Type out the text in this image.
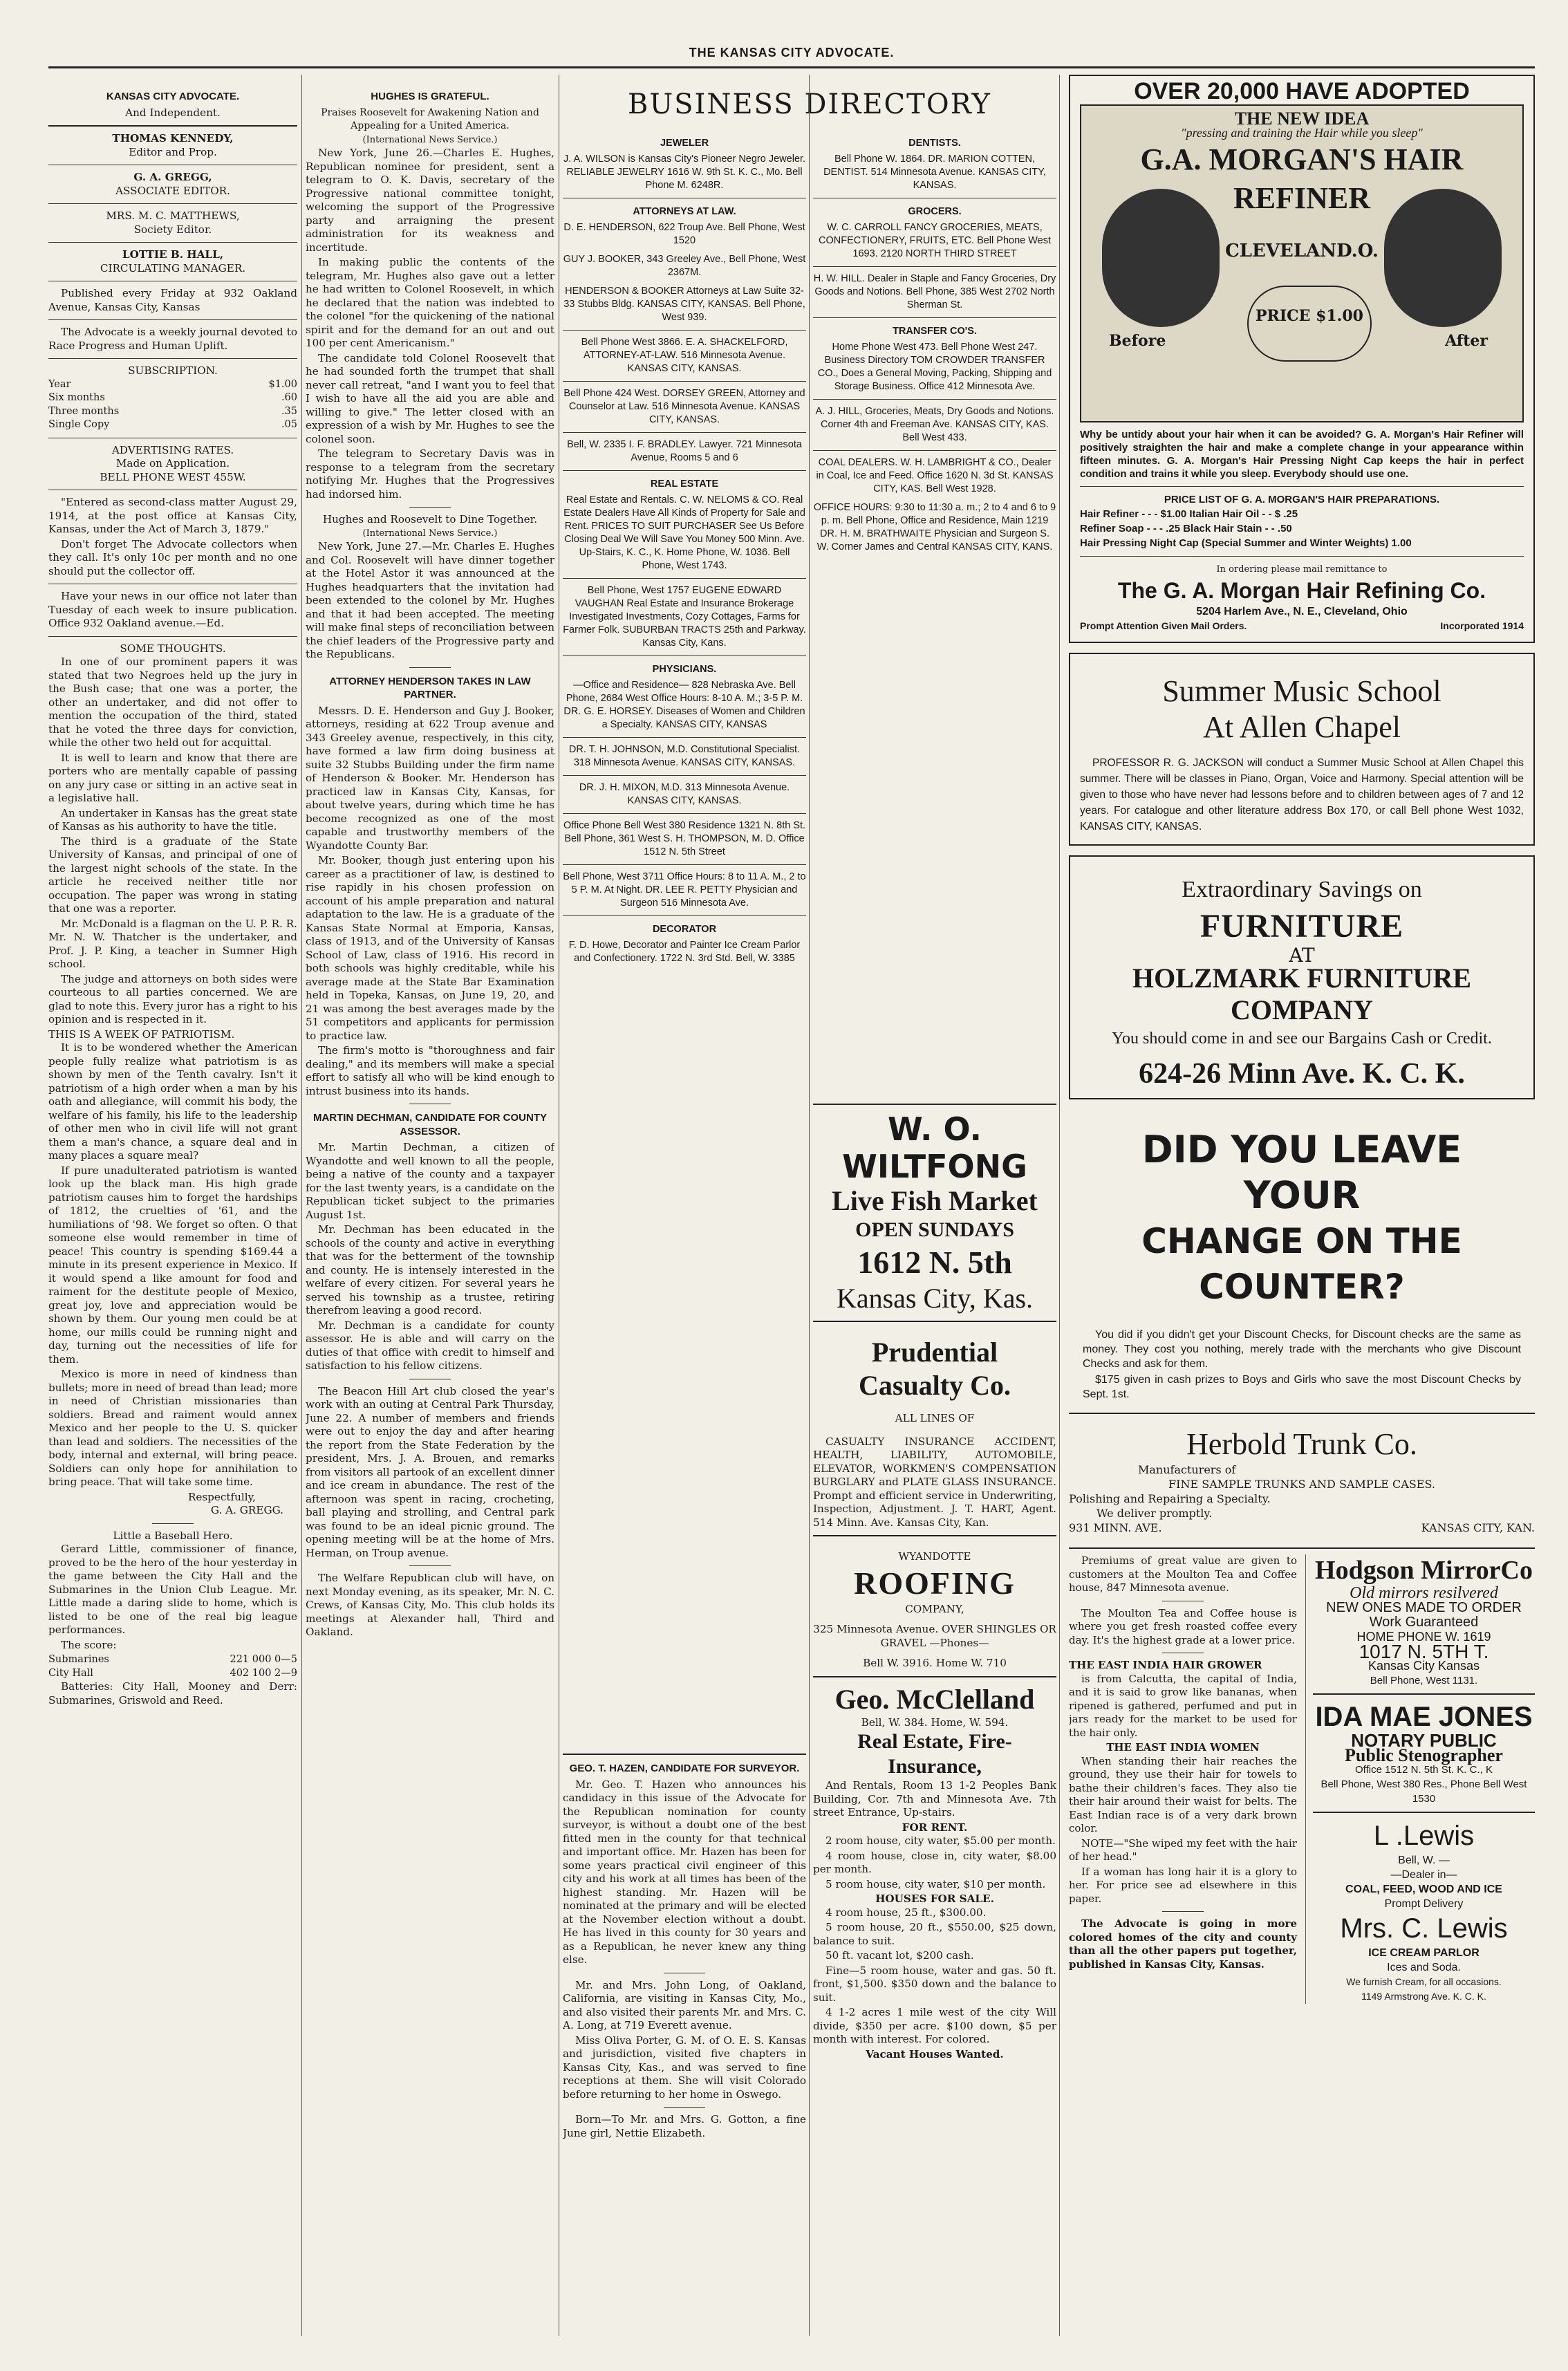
THE KANSAS CITY ADVOCATE.
KANSAS CITY ADVOCATE.
And Independent.
THOMAS KENNEDY,
Editor and Prop.
G. A. GREGG,
ASSOCIATE EDITOR.
MRS. M. C. MATTHEWS,
Society Editor.
LOTTIE B. HALL,
CIRCULATING MANAGER.

Published every Friday at 932 Oakland Avenue, Kansas City, Kansas

The Advocate is a weekly journal devoted to Race Progress and Human Uplift.

SUBSCRIPTION.
Year	$1.00
Six months	.60
Three months	.35
Single Copy	.05
ADVERTISING RATES.
Made on Application.
BELL PHONE WEST 455W.

"Entered as second-class matter August 29, 1914, at the post office at Kansas City, Kansas, under the Act of March 3, 1879."

Don't forget The Advocate collectors when they call. It's only 10c per month and no one should put the collector off.

Have your news in our office not later than Tuesday of each week to insure publication. Office 932 Oakland avenue.—Ed.

SOME THOUGHTS.

In one of our prominent papers it was stated that two Negroes held up the jury in the Bush case; that one was a porter, the other an undertaker, and did not offer to mention the occupation of the third, stated that he voted the three days for conviction, while the other two held out for acquittal.

It is well to learn and know that there are porters who are mentally capable of passing on any jury case or sitting in an active seat in a legislative hall.

An undertaker in Kansas has the great state of Kansas as his authority to have the title.

The third is a graduate of the State University of Kansas, and principal of one of the largest night schools of the state. In the article he received neither title nor occupation. The paper was wrong in stating that one was a reporter.

Mr. McDonald is a flagman on the U. P. R. R. Mr. N. W. Thatcher is the undertaker, and Prof. J. P. King, a teacher in Sumner High school.

The judge and attorneys on both sides were courteous to all parties concerned. We are glad to note this. Every juror has a right to his opinion and is respected in it.

THIS IS A WEEK OF PATRIOTISM.

It is to be wondered whether the American people fully realize what patriotism is as shown by men of the Tenth cavalry. Isn't it patriotism of a high order when a man by his oath and allegiance, will commit his body, the welfare of his family, his life to the leadership of other men who in civil life will not grant them a man's chance, a square deal and in many places a square meal?

If pure unadulterated patriotism is wanted look up the black man. His high grade patriotism causes him to forget the hardships of 1812, the cruelties of '61, and the humiliations of '98. We forget so often. O that someone else would remember in time of peace! This country is spending $169.44 a minute in its present experience in Mexico. If it would spend a like amount for food and raiment for the destitute people of Mexico, great joy, love and appreciation would be shown by them. Our young men could be at home, our mills could be running night and day, turning out the necessities of life for them.

Mexico is more in need of kindness than bullets; more in need of bread than lead; more in need of Christian missionaries than soldiers. Bread and raiment would annex Mexico and her people to the U. S. quicker than lead and soldiers. The necessities of the body, internal and external, will bring peace. Soldiers can only hope for annihilation to bring peace. That will take some time.

Respectfully,
G. A. GREGG.
Little a Baseball Hero.

Gerard Little, commissioner of finance, proved to be the hero of the hour yesterday in the game between the City Hall and the Submarines in the Union Club League. Mr. Little made a daring slide to home, which is listed to be one of the real big league performances.

The score:

Submarines	221 000 0—5
City Hall	402 100 2—9

Batteries: City Hall, Mooney and Derr: Submarines, Griswold and Reed.

HUGHES IS GRATEFUL.
Praises Roosevelt for Awakening Nation and Appealing for a United America.
(International News Service.)

New York, June 26.—Charles E. Hughes, Republican nominee for president, sent a telegram to O. K. Davis, secretary of the Progressive national committee tonight, welcoming the support of the Progressive party and arraigning the present administration for its weakness and incertitude.

In making public the contents of the telegram, Mr. Hughes also gave out a letter he had written to Colonel Roosevelt, in which he declared that the nation was indebted to the colonel "for the quickening of the national spirit and for the demand for an out and out 100 per cent Americanism."

The candidate told Colonel Roosevelt that he had sounded forth the trumpet that shall never call retreat, "and I want you to feel that I wish to have all the aid you are able and willing to give." The letter closed with an expression of a wish by Mr. Hughes to see the colonel soon.

The telegram to Secretary Davis was in response to a telegram from the secretary notifying Mr. Hughes that the Progressives had indorsed him.

Hughes and Roosevelt to Dine Together.
(International News Service.)

New York, June 27.—Mr. Charles E. Hughes and Col. Roosevelt will have dinner together at the Hotel Astor it was announced at the Hughes headquarters that the invitation had been extended to the colonel by Mr. Hughes and that it had been accepted. The meeting will make final steps of reconciliation between the chief leaders of the Progressive party and the Republicans.

ATTORNEY HENDERSON TAKES IN LAW PARTNER.

Messrs. D. E. Henderson and Guy J. Booker, attorneys, residing at 622 Troup avenue and 343 Greeley avenue, respectively, in this city, have formed a law firm doing business at suite 32 Stubbs Building under the firm name of Henderson & Booker. Mr. Henderson has practiced law in Kansas City, Kansas, for about twelve years, during which time he has become recognized as one of the most capable and trustworthy members of the Wyandotte County Bar.

Mr. Booker, though just entering upon his career as a practitioner of law, is destined to rise rapidly in his chosen profession on account of his ample preparation and natural adaptation to the law. He is a graduate of the Kansas State Normal at Emporia, Kansas, class of 1913, and of the University of Kansas School of Law, class of 1916. His record in both schools was highly creditable, while his average made at the State Bar Examination held in Topeka, Kansas, on June 19, 20, and 21 was among the best averages made by the 51 competitors and applicants for permission to practice law.

The firm's motto is "thoroughness and fair dealing," and its members will make a special effort to satisfy all who will be kind enough to intrust business into its hands.

MARTIN DECHMAN, CANDIDATE FOR COUNTY ASSESSOR.

Mr. Martin Dechman, a citizen of Wyandotte and well known to all the people, being a native of the county and a taxpayer for the last twenty years, is a candidate on the Republican ticket subject to the primaries August 1st.

Mr. Dechman has been educated in the schools of the county and active in everything that was for the betterment of the township and county. He is intensely interested in the welfare of every citizen. For several years he served his township as a trustee, retiring therefrom leaving a good record.

Mr. Dechman is a candidate for county assessor. He is able and will carry on the duties of that office with credit to himself and satisfaction to his fellow citizens.

The Beacon Hill Art club closed the year's work with an outing at Central Park Thursday, June 22. A number of members and friends were out to enjoy the day and after hearing the report from the State Federation by the president, Mrs. J. A. Brouen, and remarks from visitors all partook of an excellent dinner and ice cream in abundance. The rest of the afternoon was spent in racing, crocheting, ball playing and strolling, and Central park was found to be an ideal picnic ground. The opening meeting will be at the home of Mrs. Herman, on Troup avenue.

The Welfare Republican club will have, on next Monday evening, as its speaker, Mr. N. C. Crews, of Kansas City, Mo. This club holds its meetings at Alexander hall, Third and Oakland.

BUSINESS DIRECTORY
JEWELER
J. A. WILSON is Kansas City's Pioneer Negro Jeweler. RELIABLE JEWELRY 1616 W. 9th St. K. C., Mo. Bell Phone M. 6248R.
ATTORNEYS AT LAW.
D. E. HENDERSON, 622 Troup Ave. Bell Phone, West 1520
GUY J. BOOKER, 343 Greeley Ave., Bell Phone, West 2367M.
HENDERSON & BOOKER Attorneys at Law Suite 32-33 Stubbs Bldg. KANSAS CITY, KANSAS. Bell Phone, West 939.
Bell Phone West 3866. E. A. SHACKELFORD, ATTORNEY-AT-LAW. 516 Minnesota Avenue. KANSAS CITY, KANSAS.
Bell Phone 424 West. DORSEY GREEN, Attorney and Counselor at Law. 516 Minnesota Avenue. KANSAS CITY, KANSAS.
Bell, W. 2335 I. F. BRADLEY. Lawyer. 721 Minnesota Avenue, Rooms 5 and 6
REAL ESTATE
Real Estate and Rentals. C. W. NELOMS & CO. Real Estate Dealers Have All Kinds of Property for Sale and Rent. PRICES TO SUIT PURCHASER See Us Before Closing Deal We Will Save You Money 500 Minn. Ave. Up-Stairs, K. C., K. Home Phone, W. 1036. Bell Phone, West 1743.
Bell Phone, West 1757 EUGENE EDWARD VAUGHAN Real Estate and Insurance Brokerage Investigated Investments, Cozy Cottages, Farms for Farmer Folk. SUBURBAN TRACTS 25th and Parkway. Kansas City, Kans.
PHYSICIANS.
—Office and Residence— 828 Nebraska Ave. Bell Phone, 2684 West Office Hours: 8-10 A. M.; 3-5 P. M. DR. G. E. HORSEY. Diseases of Women and Children a Specialty. KANSAS CITY, KANSAS
DR. T. H. JOHNSON, M.D. Constitutional Specialist. 318 Minnesota Avenue. KANSAS CITY, KANSAS.
DR. J. H. MIXON, M.D. 313 Minnesota Avenue. KANSAS CITY, KANSAS.
Office Phone Bell West 380 Residence 1321 N. 8th St. Bell Phone, 361 West S. H. THOMPSON, M. D. Office 1512 N. 5th Street
Bell Phone, West 3711 Office Hours: 8 to 11 A. M., 2 to 5 P. M. At Night. DR. LEE R. PETTY Physician and Surgeon 516 Minnesota Ave.
DECORATOR
F. D. Howe, Decorator and Painter Ice Cream Parlor and Confectionery. 1722 N. 3rd Std. Bell, W. 3385
GEO. T. HAZEN, CANDIDATE FOR SURVEYOR.

Mr. Geo. T. Hazen who announces his candidacy in this issue of the Advocate for the Republican nomination for county surveyor, is without a doubt one of the best fitted men in the county for that technical and important office. Mr. Hazen has been for some years practical civil engineer of this city and his work at all times has been of the highest standing. Mr. Hazen will be nominated at the primary and will be elected at the November election without a doubt. He has lived in this county for 30 years and as a Republican, he never knew any thing else.

Mr. and Mrs. John Long, of Oakland, California, are visiting in Kansas City, Mo., and also visited their parents Mr. and Mrs. C. A. Long, at 719 Everett avenue.

Miss Oliva Porter, G. M. of O. E. S. Kansas and jurisdiction, visited five chapters in Kansas City, Kas., and was served to fine receptions at them. She will visit Colorado before returning to her home in Oswego.

Born—To Mr. and Mrs. G. Gotton, a fine June girl, Nettie Elizabeth.

DENTISTS.
Bell Phone W. 1864. DR. MARION COTTEN, DENTIST. 514 Minnesota Avenue. KANSAS CITY, KANSAS.
GROCERS.
W. C. CARROLL FANCY GROCERIES, MEATS, CONFECTIONERY, FRUITS, ETC. Bell Phone West 1693. 2120 NORTH THIRD STREET
H. W. HILL. Dealer in Staple and Fancy Groceries, Dry Goods and Notions. Bell Phone, 385 West 2702 North Sherman St.
TRANSFER CO'S.
Home Phone West 473. Bell Phone West 247. Business Directory TOM CROWDER TRANSFER CO., Does a General Moving, Packing, Shipping and Storage Business. Office 412 Minnesota Ave.
A. J. HILL, Groceries, Meats, Dry Goods and Notions. Corner 4th and Freeman Ave. KANSAS CITY, KAS. Bell West 433.
COAL DEALERS. W. H. LAMBRIGHT & CO., Dealer in Coal, Ice and Feed. Office 1620 N. 3d St. KANSAS CITY, KAS. Bell West 1928.
OFFICE HOURS: 9:30 to 11:30 a. m.; 2 to 4 and 6 to 9 p. m. Bell Phone, Office and Residence, Main 1219 DR. H. M. BRATHWAITE Physician and Surgeon S. W. Corner James and Central KANSAS CITY, KANS.
W. O. WILTFONG
Live Fish Market
OPEN SUNDAYS
1612 N. 5th
Kansas City, Kas.
Prudential
Casualty Co.
ALL LINES OF

CASUALTY INSURANCE ACCIDENT, HEALTH, LIABILITY, AUTOMOBILE, ELEVATOR, WORKMEN'S COMPENSATION BURGLARY and PLATE GLASS INSURANCE. Prompt and efficient service in Underwriting, Inspection, Adjustment. J. T. HART, Agent. 514 Minn. Ave. Kansas City, Kan.

WYANDOTTE
ROOFING
COMPANY,
325 Minnesota Avenue. OVER SHINGLES OR GRAVEL —Phones—
Bell W. 3916. Home W. 710
Geo. McClelland
Bell, W. 384. Home, W. 594.
Real Estate, Fire-Insurance,

And Rentals, Room 13 1-2 Peoples Bank Building, Cor. 7th and Minnesota Ave. 7th street Entrance, Up-stairs.

FOR RENT.

2 room house, city water, $5.00 per month.

4 room house, close in, city water, $8.00 per month.

5 room house, city water, $10 per month.

HOUSES FOR SALE.

4 room house, 25 ft., $300.00.

5 room house, 20 ft., $550.00, $25 down, balance to suit.

50 ft. vacant lot, $200 cash.

Fine—5 room house, water and gas. 50 ft. front, $1,500. $350 down and the balance to suit.

4 1-2 acres 1 mile west of the city Will divide, $350 per acre. $100 down, $5 per month with interest. For colored.

Vacant Houses Wanted.
OVER 20,000 HAVE ADOPTED
THE NEW IDEA
"pressing and training the Hair while you sleep"
G.A. MORGAN'S HAIR REFINER
Before	After
CLEVELAND.O.
PRICE $1.00
Why be untidy about your hair when it can be avoided? G. A. Morgan's Hair Refiner will positively straighten the hair and make a complete change in your appearance within fifteen minutes. G. A. Morgan's Hair Pressing Night Cap keeps the hair in perfect condition and trains it while you sleep. Everybody should use one.
PRICE LIST OF G. A. MORGAN'S HAIR PREPARATIONS.
Hair Refiner - - - $1.00 Italian Hair Oil - - $ .25
Refiner Soap - - - .25 Black Hair Stain - - .50
Hair Pressing Night Cap (Special Summer and Winter Weights) 1.00
In ordering please mail remittance to
The G. A. Morgan Hair Refining Co.
5204 Harlem Ave., N. E., Cleveland, Ohio
Prompt Attention Given Mail Orders.	Incorporated 1914
Summer Music School
At Allen Chapel

PROFESSOR R. G. JACKSON will conduct a Summer Music School at Allen Chapel this summer. There will be classes in Piano, Organ, Voice and Harmony. Special attention will be given to those who have never had lessons before and to children between ages of 7 and 12 years. For catalogue and other literature address Box 170, or call Bell phone West 1032, KANSAS CITY, KANSAS.

Extraordinary Savings on
FURNITURE
AT
HOLZMARK FURNITURE COMPANY
You should come in and see our Bargains Cash or Credit.
624-26 Minn Ave. K. C. K.
DID YOU LEAVE YOUR
CHANGE ON THE COUNTER?

You did if you didn't get your Discount Checks, for Discount checks are the same as money. They cost you nothing, merely trade with the merchants who give Discount Checks and ask for them.

$175 given in cash prizes to Boys and Girls who save the most Discount Checks by Sept. 1st.

Herbold Trunk Co.
Manufacturers of
FINE SAMPLE TRUNKS AND SAMPLE CASES.
Polishing and Repairing a Specialty.
We deliver promptly.
931 MINN. AVE.	KANSAS CITY, KAN.

Premiums of great value are given to customers at the Moulton Tea and Coffee house, 847 Minnesota avenue.

The Moulton Tea and Coffee house is where you get fresh roasted coffee every day. It's the highest grade at a lower price.

THE EAST INDIA HAIR GROWER

is from Calcutta, the capital of India, and it is said to grow like bananas, when ripened is gathered, perfumed and put in jars ready for the market to be used for the hair only.

THE EAST INDIA WOMEN

When standing their hair reaches the ground, they use their hair for towels to bathe their children's faces. They also tie their hair around their waist for belts. The East Indian race is of a very dark brown color.

NOTE—"She wiped my feet with the hair of her head."

If a woman has long hair it is a glory to her. For price see ad elsewhere in this paper.

The Advocate is going in more colored homes of the city and county than all the other papers put together, published in Kansas City, Kansas.

Hodgson MirrorCo
Old mirrors resilvered
NEW ONES MADE TO ORDER
Work Guaranteed
HOME PHONE W. 1619
1017 N. 5TH T.
Kansas City Kansas
Bell Phone, West 1131.
IDA MAE JONES
NOTARY PUBLIC
Public Stenographer
Office 1512 N. 5th St. K. C., K
Bell Phone, West 380 Res., Phone Bell West 1530
L .Lewis
Bell, W. —
—Dealer in—
COAL, FEED, WOOD AND ICE
Prompt Delivery
Mrs. C. Lewis
ICE CREAM PARLOR
Ices and Soda.
We furnish Cream, for all occasions.
1149 Armstrong Ave. K. C. K.
